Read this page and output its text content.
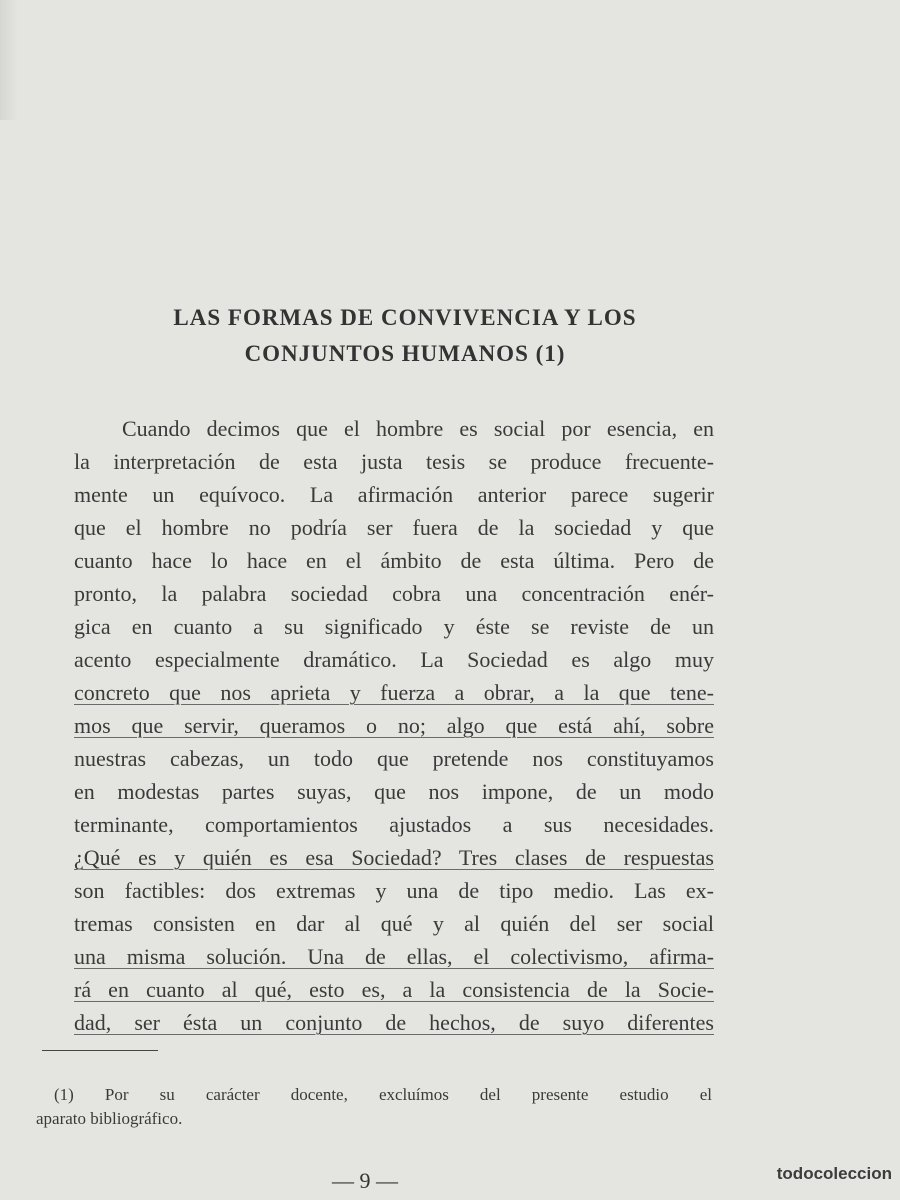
LAS FORMAS DE CONVIVENCIA Y LOS
CONJUNTOS HUMANOS (1)
Cuando decimos que el hombre es social por esencia, en
la interpretación de esta justa tesis se produce frecuente-
mente un equívoco. La afirmación anterior parece sugerir
que el hombre no podría ser fuera de la sociedad y que
cuanto hace lo hace en el ámbito de esta última. Pero de
pronto, la palabra sociedad cobra una concentración enér-
gica en cuanto a su significado y éste se reviste de un
acento especialmente dramático. La Sociedad es algo muy
concreto que nos aprieta y fuerza a obrar, a la que tene-
mos que servir, queramos o no; algo que está ahí, sobre
nuestras cabezas, un todo que pretende nos constituyamos
en modestas partes suyas, que nos impone, de un modo
terminante, comportamientos ajustados a sus necesidades.
¿Qué es y quién es esa Sociedad? Tres clases de respuestas
son factibles: dos extremas y una de tipo medio. Las ex-
tremas consisten en dar al qué y al quién del ser social
una misma solución. Una de ellas, el colectivismo, afirma-
rá en cuanto al qué, esto es, a la consistencia de la Socie-
dad, ser ésta un conjunto de hechos, de suyo diferentes
(1) Por su carácter docente, excluímos del presente estudio el
aparato bibliográfico.
— 9 —	todocoleccion
